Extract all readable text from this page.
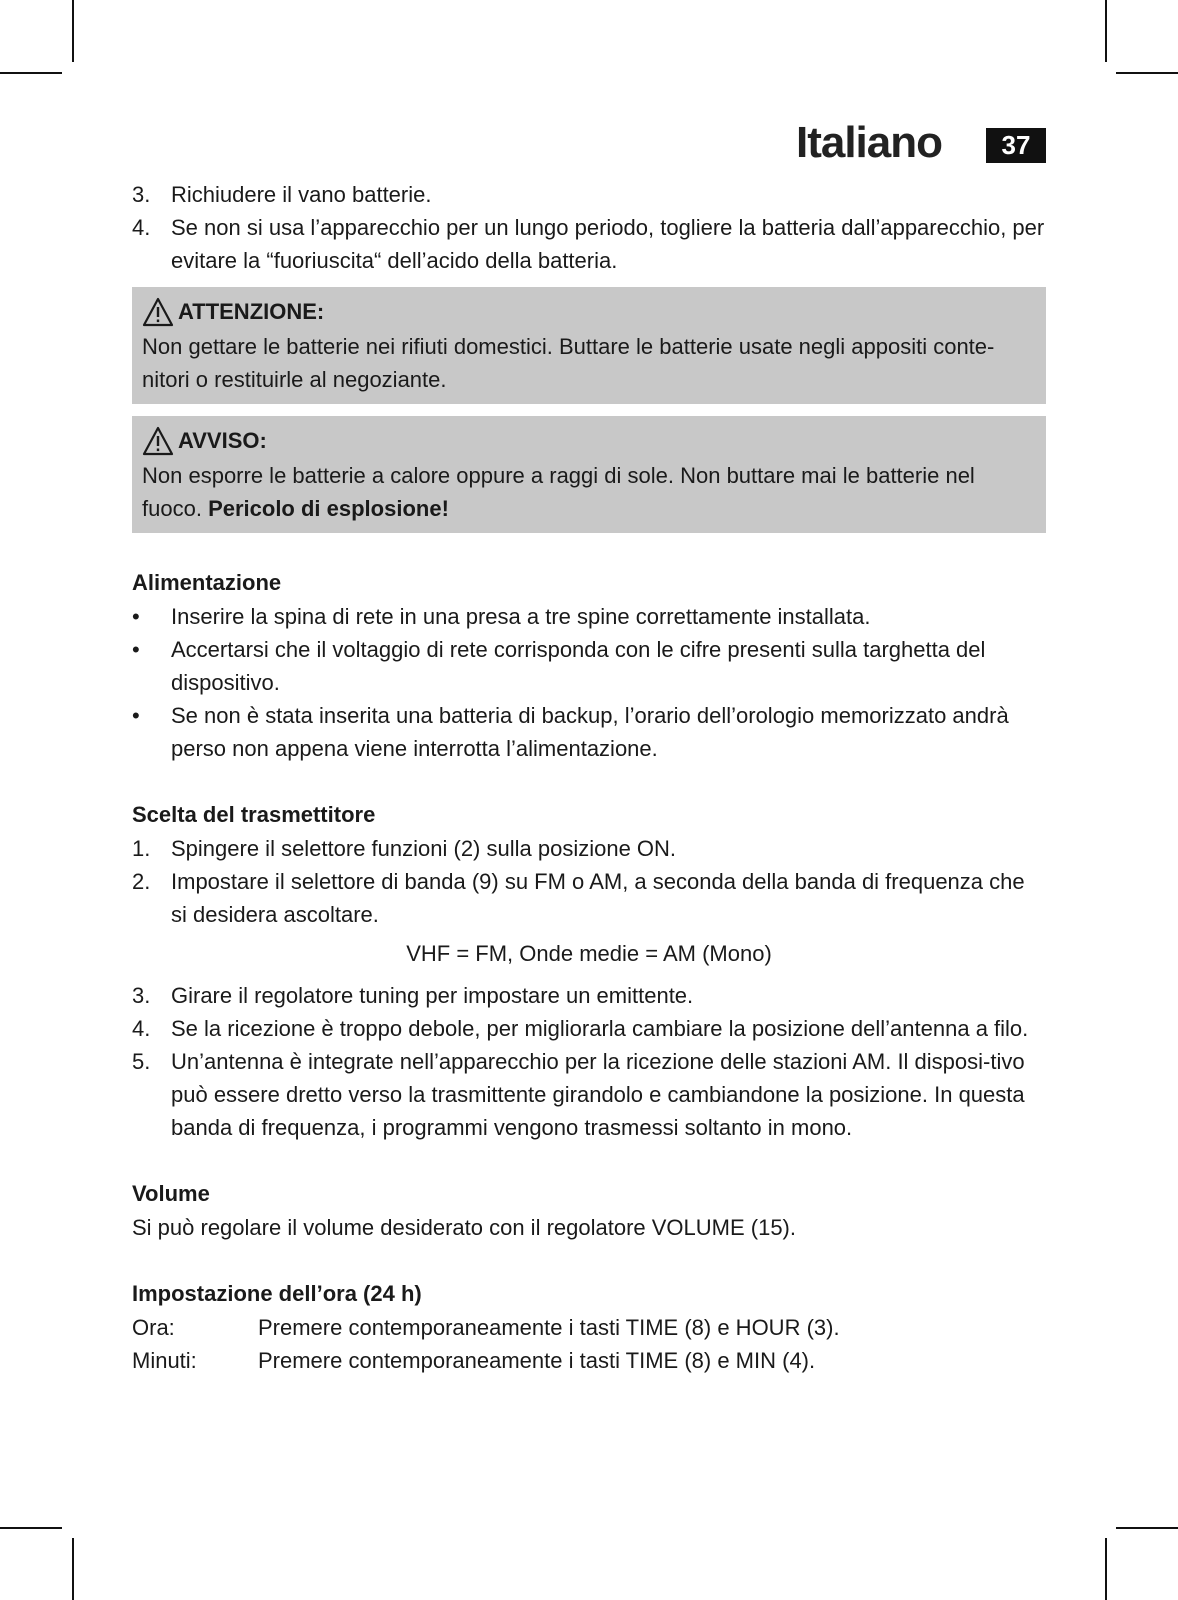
Italiano	37
3. Richiudere il vano batterie.
4. Se non si usa l’apparecchio per un lungo periodo, togliere la batteria dall’apparecchio, per evitare la “fuoriuscita“ dell’acido della batteria.
ATTENZIONE:
Non gettare le batterie nei rifiuti domestici. Buttare le batterie usate negli appositi conte-nitori o restituirle al negoziante.
AVVISO:
Non esporre le batterie a calore oppure a raggi di sole. Non buttare mai le batterie nel fuoco. Pericolo di esplosione!
Alimentazione
•	Inserire la spina di rete in una presa a tre spine correttamente installata.
•	Accertarsi che il voltaggio di rete corrisponda con le cifre presenti sulla targhetta del dispositivo.
•	Se non è stata inserita una batteria di backup, l’orario dell’orologio memorizzato andrà perso non appena viene interrotta l’alimentazione.
Scelta del trasmettitore
1. Spingere il selettore funzioni (2) sulla posizione ON.
2. Impostare il selettore di banda (9) su FM o AM, a seconda della banda di frequenza che si desidera ascoltare.
VHF = FM, Onde medie = AM (Mono)
3. Girare il regolatore tuning per impostare un emittente.
4. Se la ricezione è troppo debole, per migliorarla cambiare la posizione dell’antenna a filo.
5. Un’antenna è integrate nell’apparecchio per la ricezione delle stazioni AM. Il disposi-tivo può essere dretto verso la trasmittente girandolo e cambiandone la posizione. In questa banda di frequenza, i programmi vengono trasmessi soltanto in mono.
Volume

Si può regolare il volume desiderato con il regolatore VOLUME (15).

Impostazione dell’ora (24 h)
Ora:	Premere contemporaneamente i tasti TIME (8) e HOUR (3).
Minuti:	Premere contemporaneamente i tasti TIME (8) e MIN (4).
